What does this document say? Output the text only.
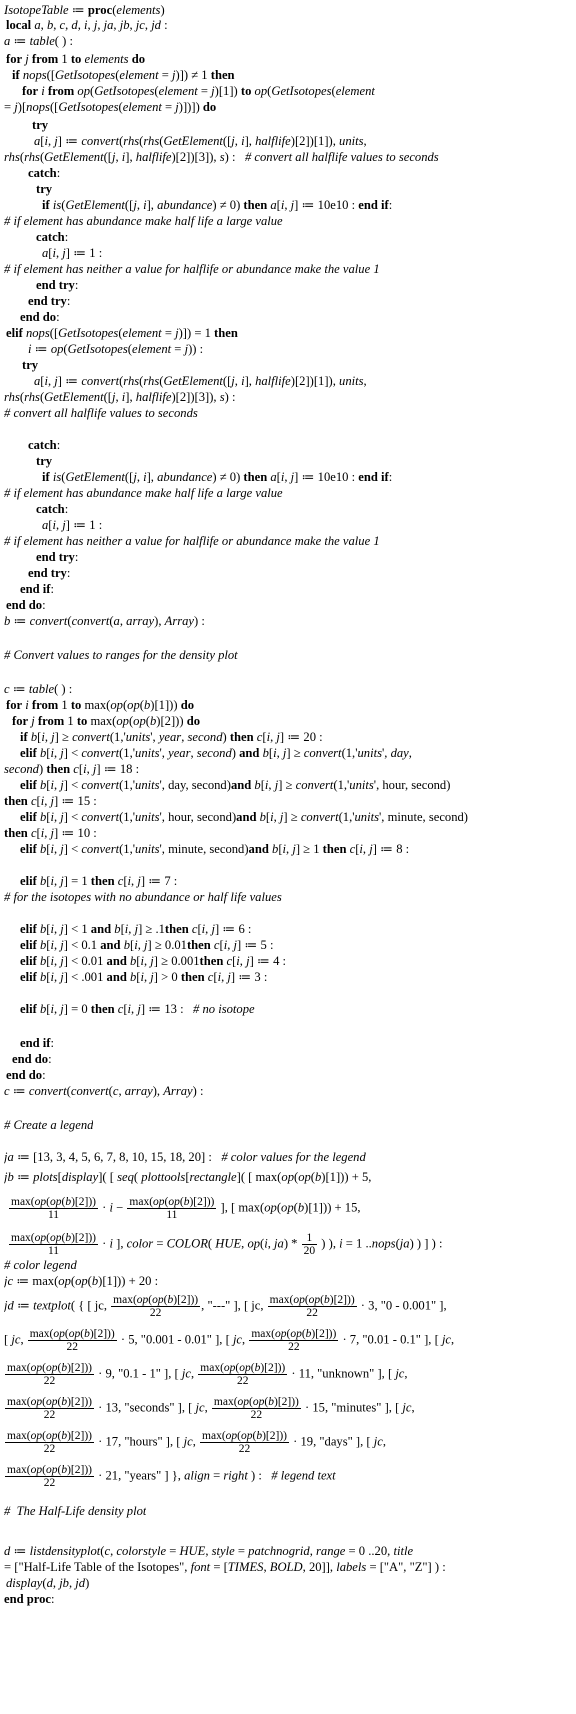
IsotopeTable ≔ proc(elements)
local a, b, c, d, i, j, ja, jb, jc, jd :
a ≔ table( ) :
for j from 1 to elements do
if nops([GetIsotopes(element = j)]) ≠ 1 then
for i from op(GetIsotopes(element = j)[1]) to op(GetIsotopes(element
= j)[nops([GetIsotopes(element = j)])]) do
try
a[i, j] ≔ convert(rhs(rhs(GetElement([j, i], halflife)[2])[1]), units,
rhs(rhs(GetElement([j, i], halflife)[2])[3]), s) :   # convert all halflife values to seconds
catch:
try
if is(GetElement([j, i], abundance) ≠ 0) then a[i, j] ≔ 10e10 : end if:
# if element has abundance make half life a large value
catch:
a[i, j] ≔ 1 :
# if element has neither a value for halflife or abundance make the value 1
end try:
end try:
end do:
elif nops([GetIsotopes(element = j)]) = 1 then
i ≔ op(GetIsotopes(element = j)) :
try
a[i, j] ≔ convert(rhs(rhs(GetElement([j, i], halflife)[2])[1]), units,
rhs(rhs(GetElement([j, i], halflife)[2])[3]), s) :
# convert all halflife values to seconds
catch:
try
if is(GetElement([j, i], abundance) ≠ 0) then a[i, j] ≔ 10e10 : end if:
# if element has abundance make half life a large value
catch:
a[i, j] ≔ 1 :
# if element has neither a value for halflife or abundance make the value 1
end try:
end try:
end if:
end do:
b ≔ convert(convert(a, array), Array) :
# Convert values to ranges for the density plot
c ≔ table( ) :
for i from 1 to max(op(op(b)[1])) do
for j from 1 to max(op(op(b)[2])) do
if b[i, j] ≥ convert(1,'units', year, second) then c[i, j] ≔ 20 :
elif b[i, j] < convert(1,'units', year, second) and b[i, j] ≥ convert(1,'units', day,
second) then c[i, j] ≔ 18 :
elif b[i, j] < convert(1,'units', day, second)and b[i, j] ≥ convert(1,'units', hour, second)
then c[i, j] ≔ 15 :
elif b[i, j] < convert(1,'units', hour, second)and b[i, j] ≥ convert(1,'units', minute, second)
then c[i, j] ≔ 10 :
elif b[i, j] < convert(1,'units', minute, second)and b[i, j] ≥ 1 then c[i, j] ≔ 8 :
elif b[i, j] = 1 then c[i, j] ≔ 7 :
# for the isotopes with no abundance or half life values
elif b[i, j] < 1 and b[i, j] ≥ .1then c[i, j] ≔ 6 :
elif b[i, j] < 0.1 and b[i, j] ≥ 0.01then c[i, j] ≔ 5 :
elif b[i, j] < 0.01 and b[i, j] ≥ 0.001then c[i, j] ≔ 4 :
elif b[i, j] < .001 and b[i, j] > 0 then c[i, j] ≔ 3 :
elif b[i, j] = 0 then c[i, j] ≔ 13 :   # no isotope
end if:
end do:
end do:
c ≔ convert(convert(c, array), Array) :
# Create a legend
ja ≔ [13, 3, 4, 5, 6, 7, 8, 10, 15, 18, 20] :   # color values for the legend
jb ≔ plots[display]( [ seq( plottools[rectangle]( [ max(op(op(b)[1])) + 5,
$\frac{\max(op(op(b)[2]))}{11} \cdot i - \frac{\max(op(op(b)[2]))}{11}$ ], [ max(op(op(b)[1])) + 15,
$\frac{\max(op(op(b)[2]))}{11} \cdot i$ ], color = COLOR( HUE, op(i, $ja) * \frac{1}{20}$ ) ), i = 1 ..nops(ja) ) ] ) :
# color legend
jc ≔ max(op(op(b)[1])) + 20 :
jd ≔ textplot( { [ jc, $\frac{\max(op(op(b)[2]))}{22}$ , "---" ], [ jc, $\frac{\max(op(op(b)[2]))}{22} \cdot 3$, "0 - 0.001" ],
[ jc, $\frac{\max(op(op(b)[2]))}{22} \cdot 5$, "0.001 - 0.01" ], [ jc, $\frac{\max(op(op(b)[2]))}{22} \cdot 7$, "0.01 - 0.1" ], [ jc,
$\frac{\max(op(op(b)[2]))}{22} \cdot 9$, "0.1 - 1" ], [ jc, $\frac{\max(op(op(b)[2]))}{22} \cdot 11$, "unknown" ], [ jc,
$\frac{\max(op(op(b)[2]))}{22} \cdot 13$, "seconds" ], [ jc, $\frac{\max(op(op(b)[2]))}{22} \cdot 15$, "minutes" ], [ jc,
$\frac{\max(op(op(b)[2]))}{22} \cdot 17$, "hours" ], [ jc, $\frac{\max(op(op(b)[2]))}{22} \cdot 19$, "days" ], [ jc,
$\frac{\max(op(op(b)[2]))}{22} \cdot 21$, "years" ] }, align = right ) :   # legend text
#  The Half-Life density plot
d ≔ listdensityplot(c, colorstyle = HUE, style = patchnogrid, range = 0 ..20, title
= ["Half-Life Table of the Isotopes", font = [TIMES, BOLD, 20]], labels = ["A", "Z"] ) :
display(d, jb, jd)
end proc:
